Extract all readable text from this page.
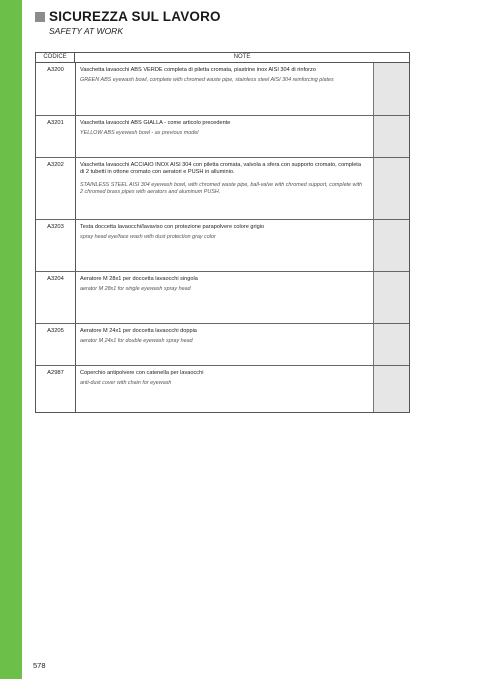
SICUREZZA SUL LAVORO
SAFETY AT WORK
CODICE	NOTE
A3200	Vaschetta lavaocchi ABS VERDE completa di piletta cromata, piastrine inox AISI 304 di rinforzo
GREEN ABS eyewash bowl, complete with chromed waste pipe, stainless steel AISI 304 reinforcing plates
A3201	Vaschetta lavaocchi ABS GIALLA - come articolo precedente
YELLOW ABS eyewash bowl - as previous model
A3202	Vaschetta lavaocchi ACCIAIO INOX AISI 304 con piletta cromata, valvola a sfera con supporto cromato, completa di 2 tubetti in ottone cromato con aeratori e PUSH in alluminio.
STAINLESS STEEL AISI 304 eyewash bowl, with chromed waste pipe, ball-valve with chromed support, complete with 2 chromed brass pipes with aerators and aluminum PUSH.
A3203	Testa doccetta lavaocchi/lavaviso con protezione parapolvere colore grigio
spray head eye/face wash with dust protection gray color
A3204	Aeratore M 28x1 per doccetta lavaocchi singola
aerator M 28x1 for single eyewash spray head
A3205	Aeratore M 24x1 per doccetta lavaocchi doppia
aerator M 24x1 for double eyewash spray head
A2987	Coperchio antipolvere con catenella per lavaocchi
anti-dust cover with chain for eyewash
578
